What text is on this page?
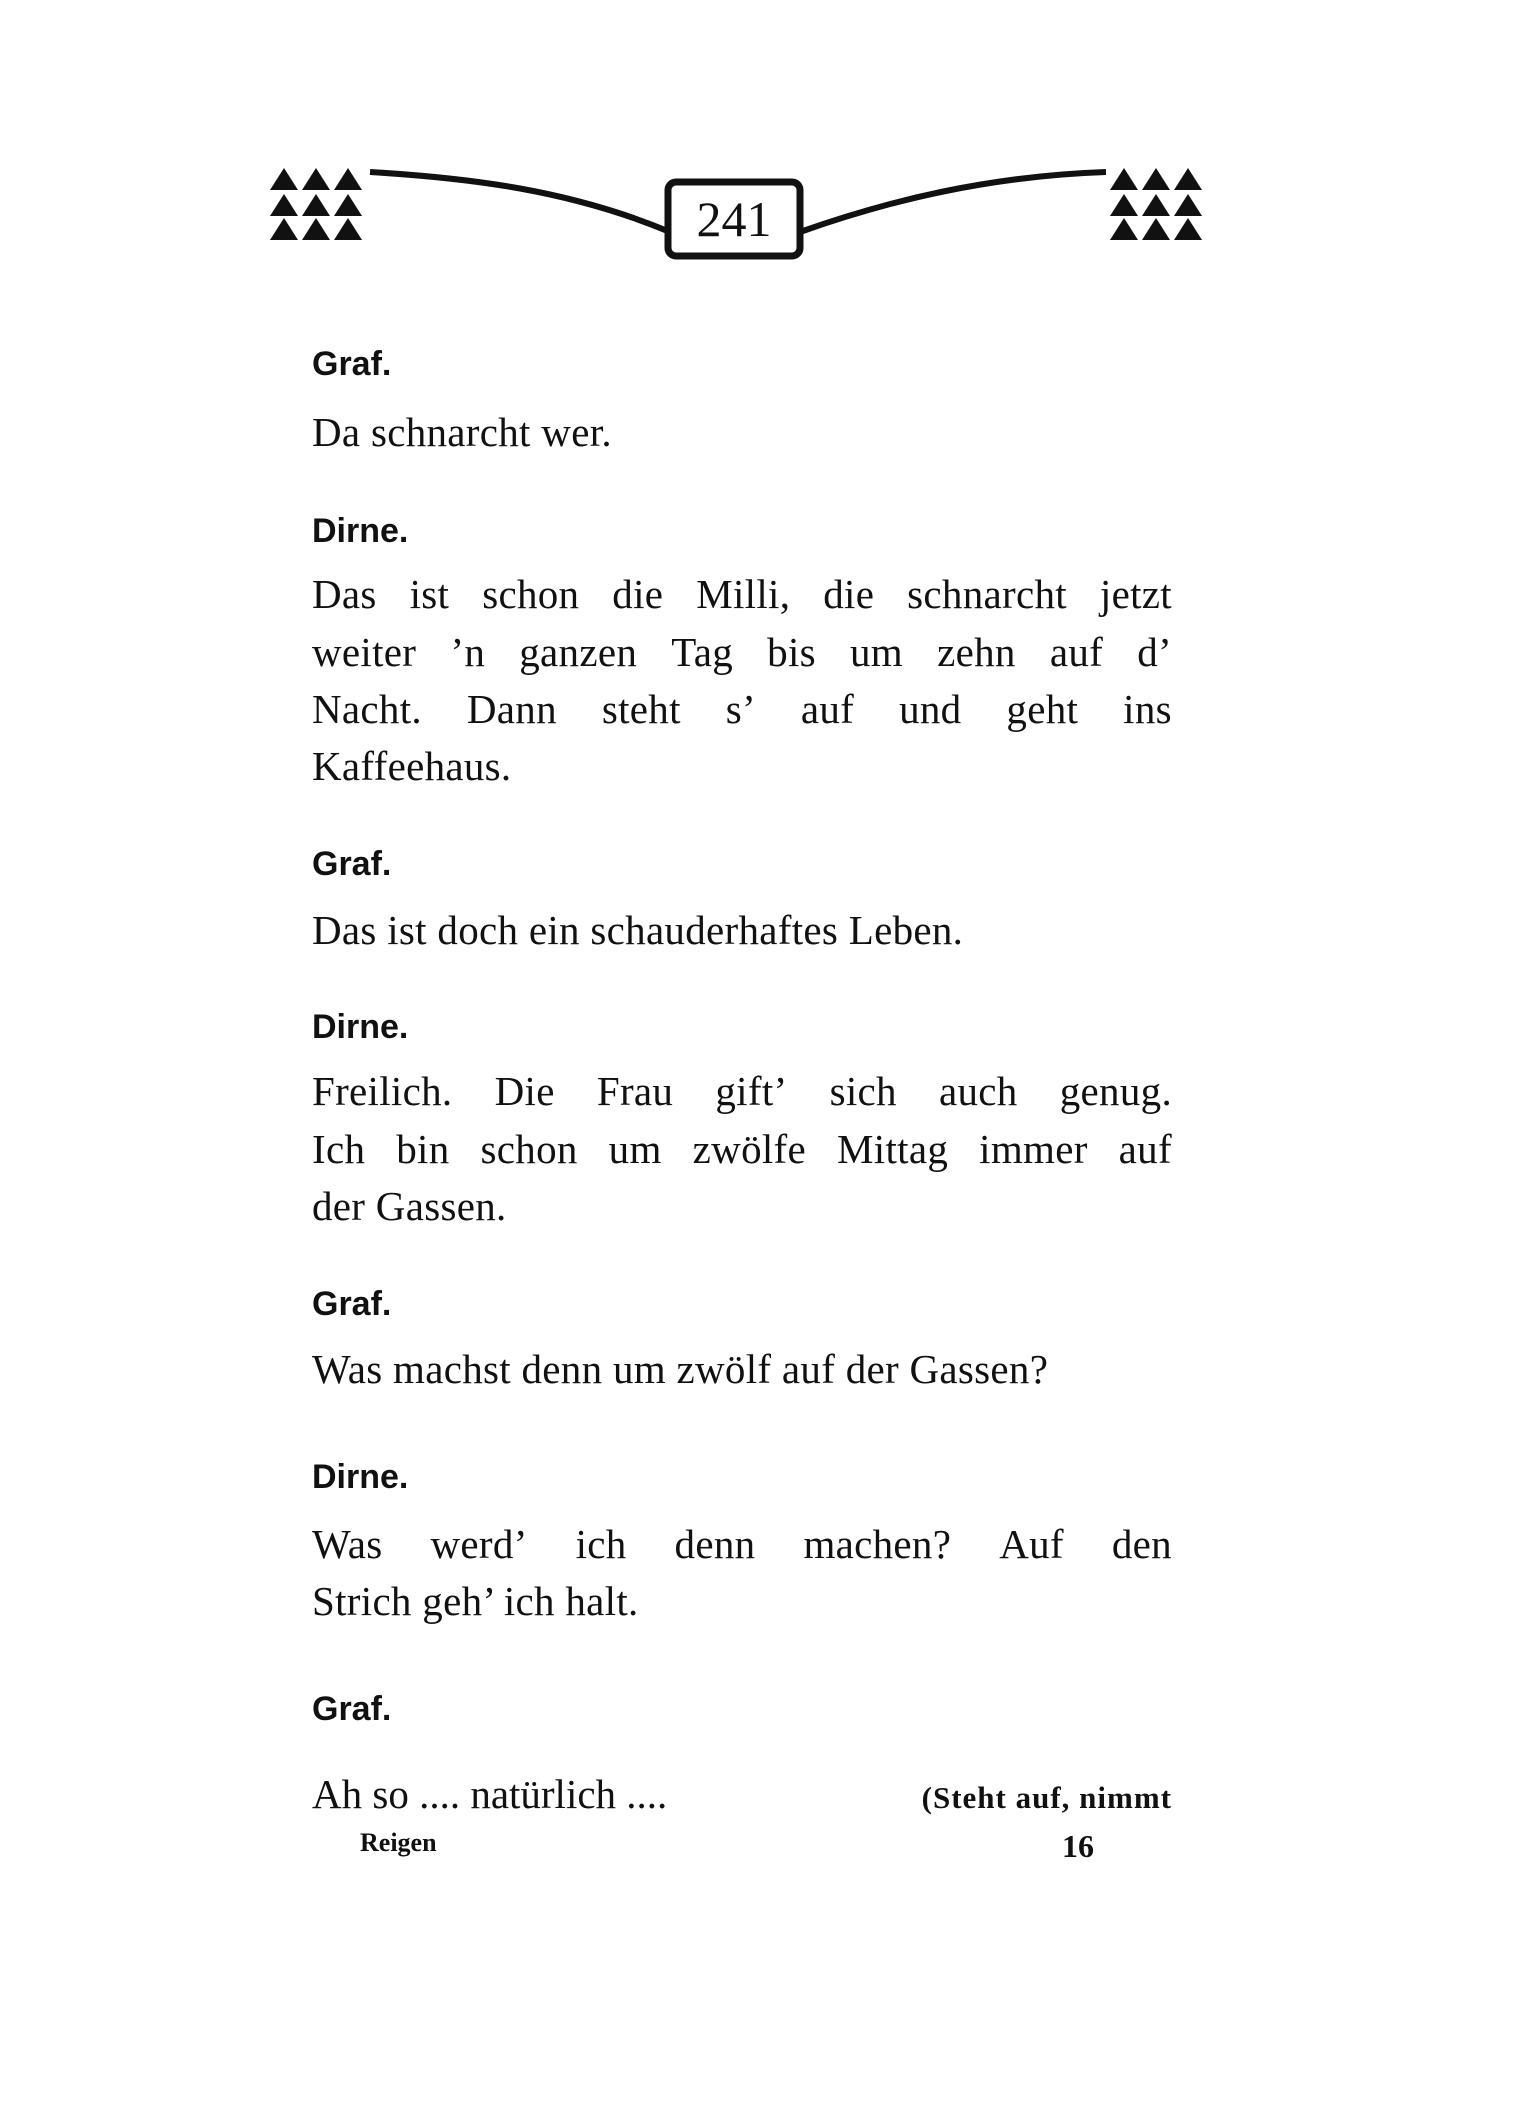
241
Graf.
Da schnarcht wer.
Dirne.
Das ist schon die Milli, die schnarcht jetzt
weiter ’n ganzen Tag bis um zehn auf d’
Nacht. Dann steht s’ auf und geht ins
Kaffeehaus.
Graf.
Das ist doch ein schauderhaftes Leben.
Dirne.
Freilich. Die Frau gift’ sich auch genug.
Ich bin schon um zwölfe Mittag immer auf
der Gassen.
Graf.
Was machst denn um zwölf auf der Gassen?
Dirne.
Was werd’ ich denn machen? Auf den
Strich geh’ ich halt.
Graf.
Ah so .... natürlich ....	(Steht auf, nimmt
Reigen	16
